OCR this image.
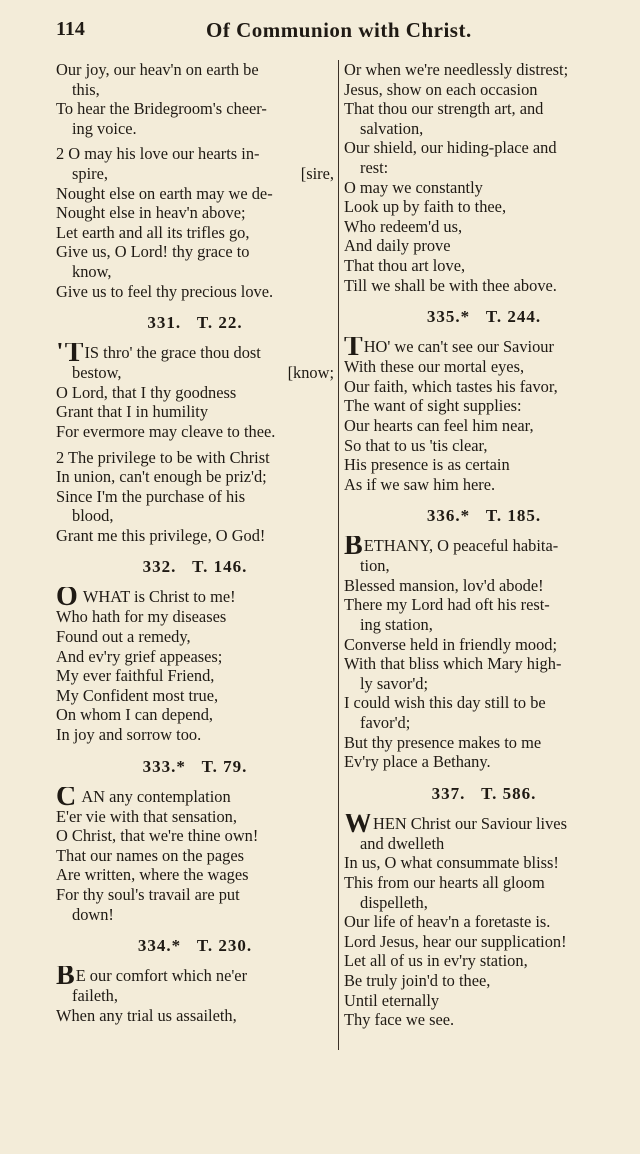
114	Of Communion with Christ.
Our joy, our heav'n on earth be
this,
To hear the Bridegroom's cheer-
ing voice.
2 O may his love our hearts in-
spire,	[sire,
Nought else on earth may we de-
Nought else in heav'n above;
Let earth and all its trifles go,
Give us, O Lord! thy grace to
know,
Give us to feel thy precious love.
331. T. 22.
'TIS thro' the grace thou dost
bestow,	[know;
O Lord, that I thy goodness
Grant that I in humility
For evermore may cleave to thee.
2 The privilege to be with Christ
In union, can't enough be priz'd;
Since I'm the purchase of his
blood,
Grant me this privilege, O God!
332. T. 146.
O WHAT is Christ to me!
Who hath for my diseases
Found out a remedy,
And ev'ry grief appeases;
My ever faithful Friend,
My Confident most true,
On whom I can depend,
In joy and sorrow too.
333.* T. 79.
C AN any contemplation
E'er vie with that sensation,
O Christ, that we're thine own!
That our names on the pages
Are written, where the wages
For thy soul's travail are put
down!
334.* T. 230.
BE our comfort which ne'er
faileth,
When any trial us assaileth,
Or when we're needlessly distrest;
Jesus, show on each occasion
That thou our strength art, and
salvation,
Our shield, our hiding-place and
rest:
O may we constantly
Look up by faith to thee,
Who redeem'd us,
And daily prove
That thou art love,
Till we shall be with thee above.
335.* T. 244.
THO' we can't see our Saviour
With these our mortal eyes,
Our faith, which tastes his favor,
The want of sight supplies:
Our hearts can feel him near,
So that to us 'tis clear,
His presence is as certain
As if we saw him here.
336.* T. 185.
BETHANY, O peaceful habita-
tion,
Blessed mansion, lov'd abode!
There my Lord had oft his rest-
ing station,
Converse held in friendly mood;
With that bliss which Mary high-
ly savor'd;
I could wish this day still to be
favor'd;
But thy presence makes to me
Ev'ry place a Bethany.
337. T. 586.
WHEN Christ our Saviour lives
and dwelleth
In us, O what consummate bliss!
This from our hearts all gloom
dispelleth,
Our life of heav'n a foretaste is.
Lord Jesus, hear our supplication!
Let all of us in ev'ry station,
Be truly join'd to thee,
Until eternally
Thy face we see.
